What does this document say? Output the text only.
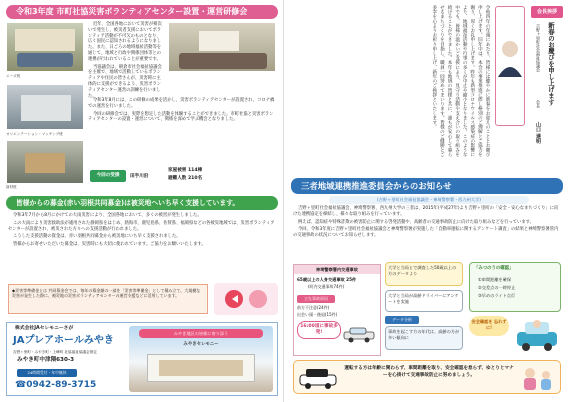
令和3年度 市町社協災害ボランティアセンター設置・運営研修会
ニーズ班

近年、全国各地において災害が相次いで発生し、被災者支援においてボランティア活動が不可欠のものとなり、広く国民に認知されるようになりました。また、日ごろの地域福祉活動等を通じて、地域と行政や関係団体等との連携が行われていることが重要です。

当協議会は、朝倉市社会福祉協議会を主催で、地域で活動しているボランティアや住民の皆さんが、災害時に主体的に支援ができるよう、災害ボランティアセンター運営の訓練を行いました。

オリエンテーション・マッチング班

令和3年8月には、この研修の成果を活かし、災害ボランティアセンターが設置され、コロナ禍での運営を行いました。

今回の研修会では、実際を想定した活動を体験することができました。市町社協と災害ボランティアセンターの設置・運営について、関係を深めて学ぶ機会となりました。

資材班
今回の受援	田手川沿
家屋被害 114棟
避難人数 210名
皆様からの募金(赤い羽根共同募金)は被災地へいち早く支援しています。

令和3年7月から8月にかけての大雨災害により、全国各地において、多くの被害が発生しました。

この大雨により災害救助法が適用された静岡県をはじめ、熱海市、鹿児島県、佐賀県、福岡県などの各被災地域では、災害ボランティアセンターが設置され、被災された方々への支援活動が行われました。

こうした支援活動の資金は、赤い羽根共同募金から被災地にいち早く支援されました。

皆様からお寄せいただいた募金は、災害時にも大切に使われています。ご協力をお願いいたします。

◆災害等準備金とは 共同募金会では、毎年の募金額の一部を「災害等準備金」として積み立て、大規模な災害が発生した際に、被災地の災害ボランティアセンターの運営支援などに活用しています。
株式会社JAセレモニーさが
JAプレアホールみやき
吉野ヶ里町・みやき町・上峰町 社協福祉協議会指定
みやき町中津隈630-3
24時間受付・年中無休
☎0942-89-3715
みやき地区の皆様に寄り添う
みやきセレモニー
令和四年の年頭にあたり、皆様には健やかに新春をお迎えのこととお慶び申し上げます。旧年中は、本会の事業推進に際し格別のご理解とご協力を賜り、厚くお礼申し上げます。昨年も新型コロナウイルス感染症の影響により、地域福祉活動や行事の多くが中止や縮小となりました。このような中でも、皆様の温かいご支援により、見守り活動や支え合いの取り組みを続けることができました。本年も地域の皆様と共に、誰もが安心して暮らせるまちづくりを目指し、職員一同努めてまいります。皆様のご健勝とご多幸を心よりお祈り申し上げ、新年のご挨拶といたします。	会長挨拶
新春のお慶びを申し上げます
吉野ヶ里町社会福祉協議会
会長
山口 達明
三者地域連携推進委員会からのお知らせ
(吉野ヶ里町社会福祉協議会・神埼警察署・西九州大学)

吉野ヶ里町社会福祉協議会、神埼警察署、西九州大学の三者は、2015年(平成27年)より吉野ヶ里町の「安全・安心なまちづくり」に向けた連携協定を締結し、様々な取り組みを行っています。

例えば、認知症や特殊詐欺の被害防止に関する啓発活動や、高齢者の交通事故防止に向けた取り組みなどを行っています。

今回、令和3年度に吉野ヶ里町社会福祉協議会と神埼警察署が実施した「自動車運転に関するアンケート調査」の結果と神埼警察署管内の交通事故の状況についてお知らせします。

神埼警察署内交通事故
65歳以上の人身交通事故 25件
(町内交通事故74件)
主な事故原因
前方不注意(24件)
出会い頭・後退(15件)
16:00頃に事故多発!
大学と当局とで調査した50歳以上の方のデータより
大学と当局が高齢ドライバーにアンケートを実施
データ分析
事故を起こす方の年代は、高齢の方が多い傾向に
「みつのうの確認」
①車間距離を確保
②交差点の一時停止
③早めのライト点灯
安全確認を 忘れずに!
運転する方は年齢に関わらず、車間距離を取り、安全確認を怠らず、ゆとりとマナーを心掛けて交通事故防止に努めましょう。
